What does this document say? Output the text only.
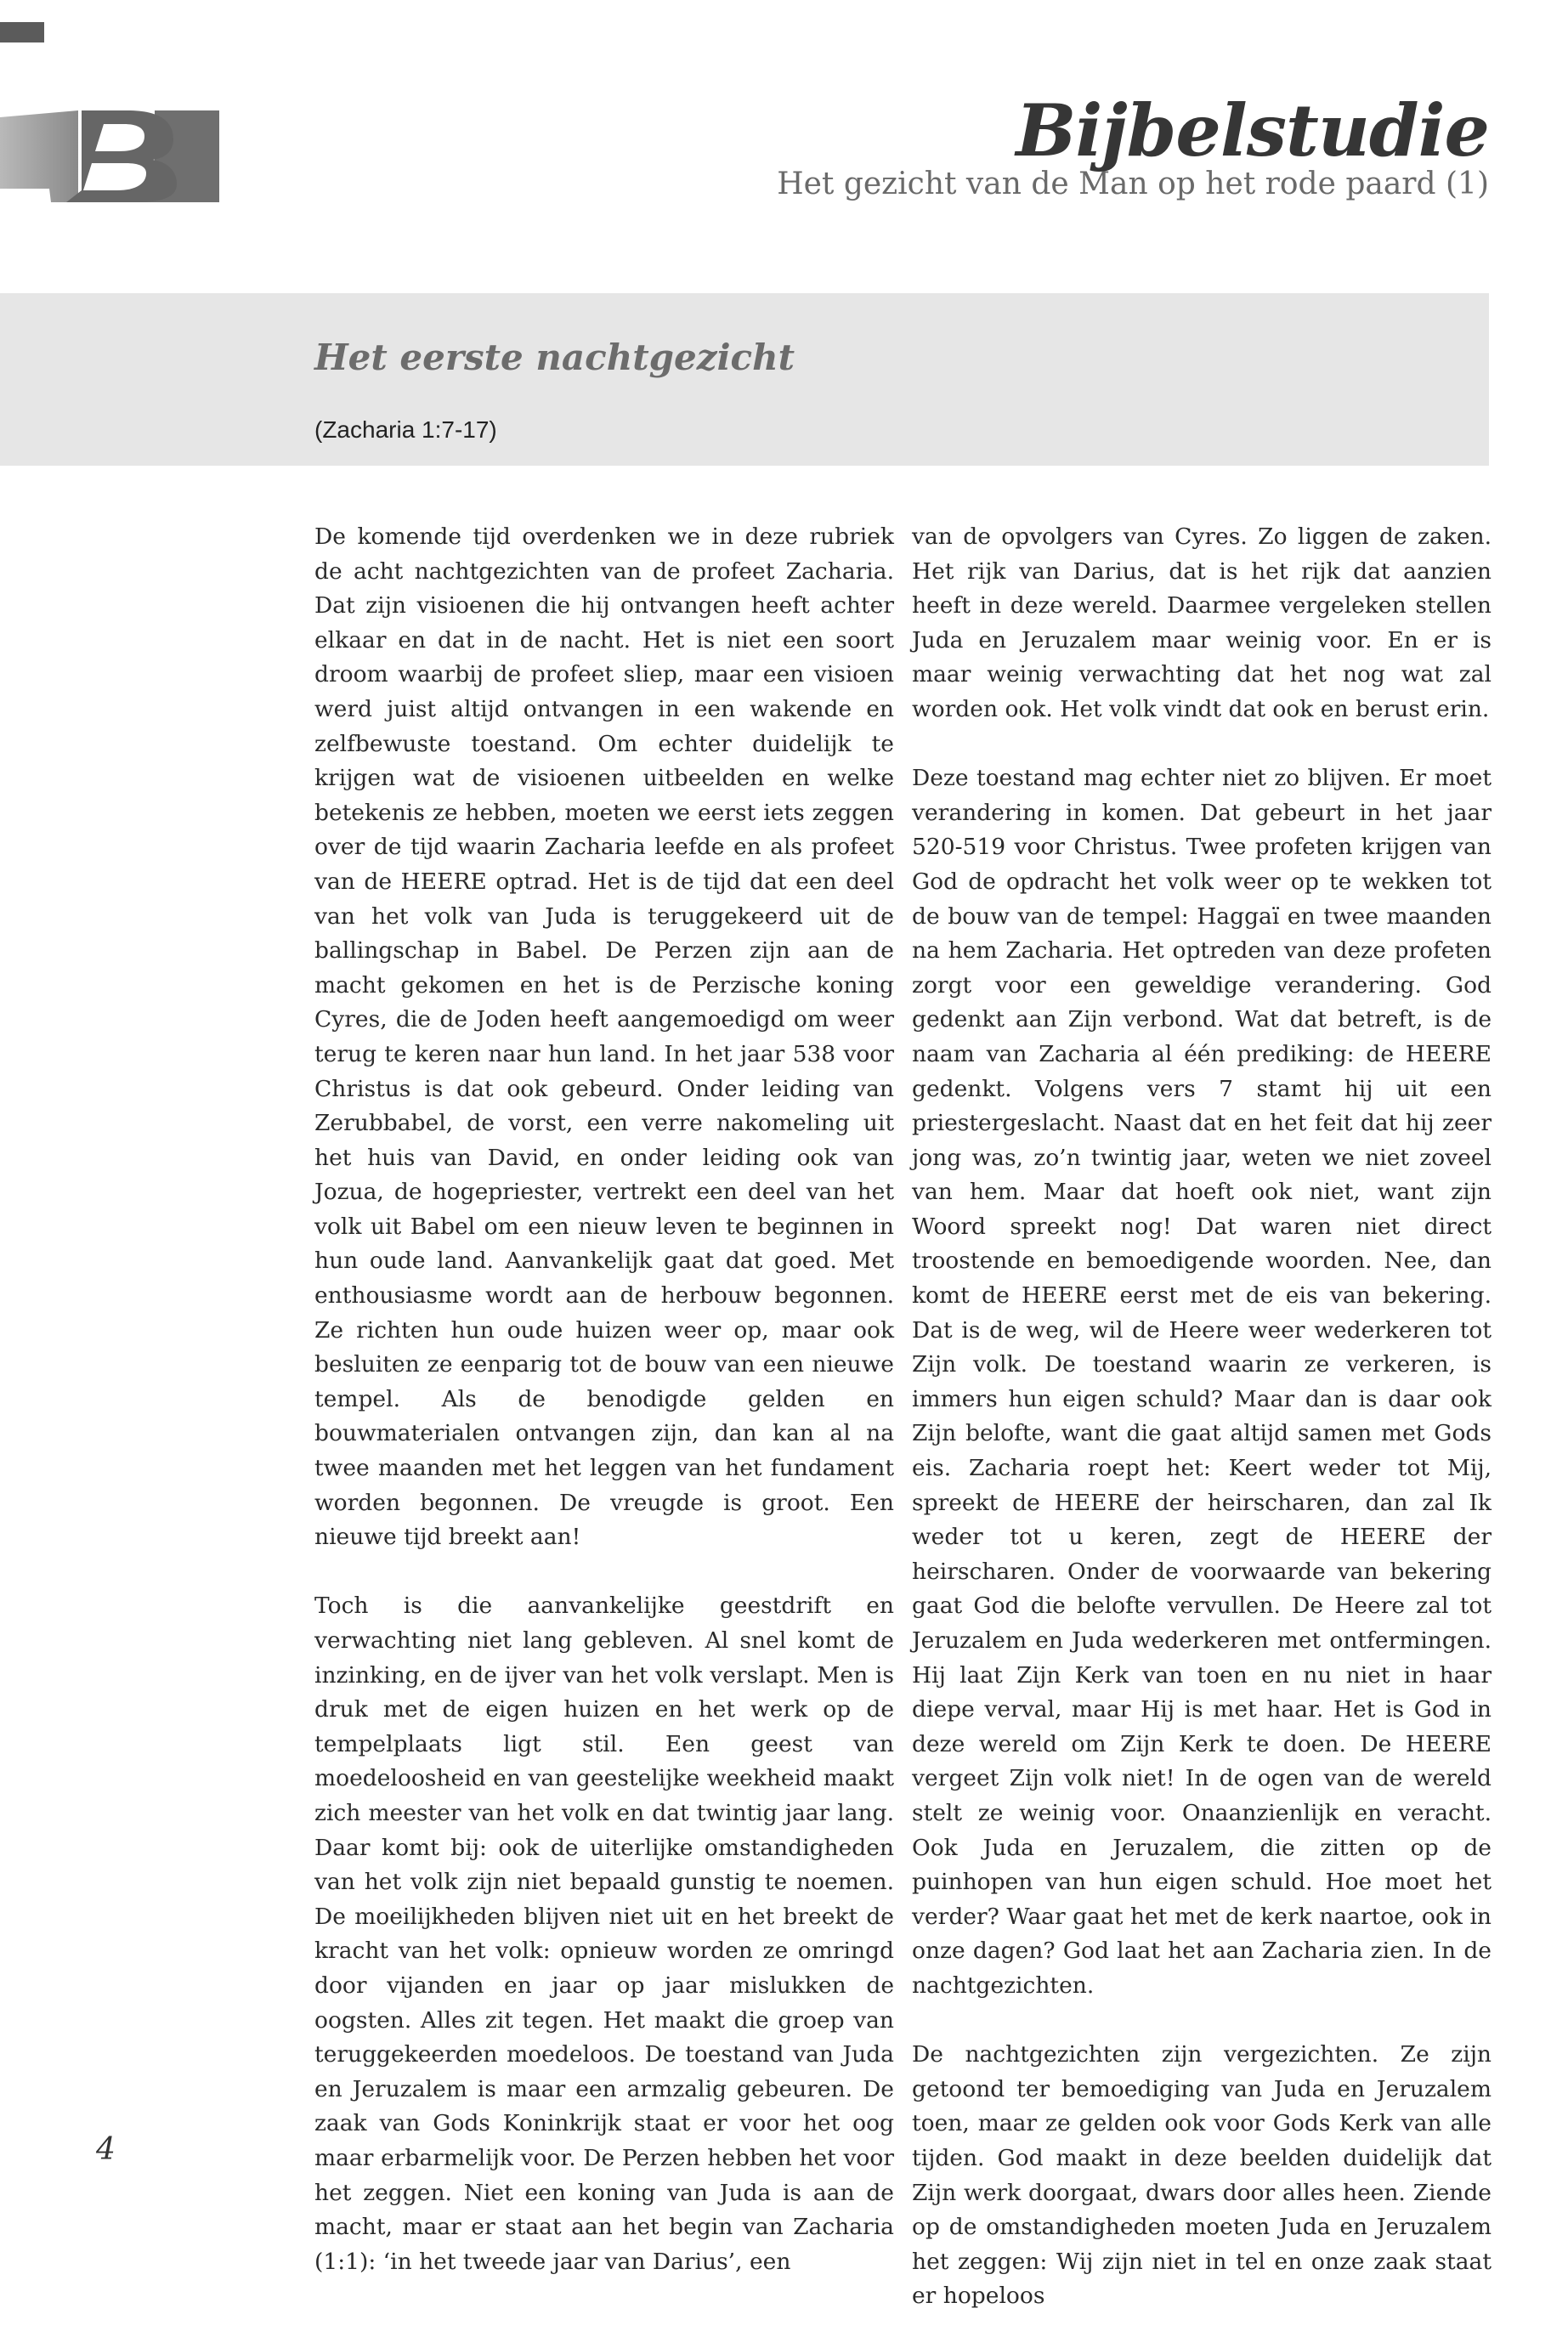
Bijbelstudie
Het gezicht van de Man op het rode paard (1)
Het eerste nachtgezicht
(Zacharia 1:7-17)

De komende tijd overdenken we in deze rubriek de acht nachtgezichten van de profeet Zacharia. Dat zijn visioenen die hij ontvangen heeft achter elkaar en dat in de nacht. Het is niet een soort droom waarbij de profeet sliep, maar een visioen werd juist altijd ontvangen in een wakende en zelfbewuste toestand. Om echter duidelijk te krijgen wat de visioenen uitbeelden en welke betekenis ze hebben, moeten we eerst iets zeggen over de tijd waarin Zacharia leefde en als profeet van de HEERE optrad. Het is de tijd dat een deel van het volk van Juda is teruggekeerd uit de ballingschap in Babel. De Perzen zijn aan de macht gekomen en het is de Perzische koning Cyres, die de Joden heeft aangemoedigd om weer terug te keren naar hun land. In het jaar 538 voor Christus is dat ook gebeurd. Onder leiding van Zerubbabel, de vorst, een verre nakomeling uit het huis van David, en onder leiding ook van Jozua, de hogepriester, vertrekt een deel van het volk uit Babel om een nieuw leven te beginnen in hun oude land. Aanvankelijk gaat dat goed. Met enthousiasme wordt aan de herbouw begonnen. Ze richten hun oude huizen weer op, maar ook besluiten ze eenparig tot de bouw van een nieuwe tempel. Als de benodigde gelden en bouwmaterialen ontvangen zijn, dan kan al na twee maanden met het leggen van het fundament worden begonnen. De vreugde is groot. Een nieuwe tijd breekt aan!

Toch is die aanvankelijke geestdrift en verwachting niet lang gebleven. Al snel komt de inzinking, en de ijver van het volk verslapt. Men is druk met de eigen huizen en het werk op de tempelplaats ligt stil. Een geest van moedeloosheid en van geestelijke weekheid maakt zich meester van het volk en dat twintig jaar lang. Daar komt bij: ook de uiterlijke omstandigheden van het volk zijn niet bepaald gunstig te noemen. De moeilijkheden blijven niet uit en het breekt de kracht van het volk: opnieuw worden ze omringd door vijanden en jaar op jaar mislukken de oogsten. Alles zit tegen. Het maakt die groep van teruggekeerden moedeloos. De toestand van Juda en Jeruzalem is maar een armzalig gebeuren. De zaak van Gods Koninkrijk staat er voor het oog maar erbarmelijk voor. De Perzen hebben het voor het zeggen. Niet een koning van Juda is aan de macht, maar er staat aan het begin van Zacharia (1:1): ‘in het tweede jaar van Darius’, een

van de opvolgers van Cyres. Zo liggen de zaken. Het rijk van Darius, dat is het rijk dat aanzien heeft in deze wereld. Daarmee vergeleken stellen Juda en Jeruzalem maar weinig voor. En er is maar weinig verwachting dat het nog wat zal worden ook. Het volk vindt dat ook en berust erin.

Deze toestand mag echter niet zo blijven. Er moet verandering in komen. Dat gebeurt in het jaar 520-519 voor Christus. Twee profeten krijgen van God de opdracht het volk weer op te wekken tot de bouw van de tempel: Haggaï en twee maanden na hem Zacharia. Het optreden van deze profeten zorgt voor een geweldige verandering. God gedenkt aan Zijn verbond. Wat dat betreft, is de naam van Zacharia al één prediking: de HEERE gedenkt. Volgens vers 7 stamt hij uit een priestergeslacht. Naast dat en het feit dat hij zeer jong was, zo’n twintig jaar, weten we niet zoveel van hem. Maar dat hoeft ook niet, want zijn Woord spreekt nog! Dat waren niet direct troostende en bemoedigende woorden. Nee, dan komt de HEERE eerst met de eis van bekering. Dat is de weg, wil de Heere weer wederkeren tot Zijn volk. De toestand waarin ze verkeren, is immers hun eigen schuld? Maar dan is daar ook Zijn belofte, want die gaat altijd samen met Gods eis. Zacharia roept het: Keert weder tot Mij, spreekt de HEERE der heirscharen, dan zal Ik weder tot u keren, zegt de HEERE der heirscharen. Onder de voorwaarde van bekering gaat God die belofte vervullen. De Heere zal tot Jeruzalem en Juda wederkeren met ontfermingen. Hij laat Zijn Kerk van toen en nu niet in haar diepe verval, maar Hij is met haar. Het is God in deze wereld om Zijn Kerk te doen. De HEERE vergeet Zijn volk niet! In de ogen van de wereld stelt ze weinig voor. Onaanzienlijk en veracht. Ook Juda en Jeruzalem, die zitten op de puinhopen van hun eigen schuld. Hoe moet het verder? Waar gaat het met de kerk naartoe, ook in onze dagen? God laat het aan Zacharia zien. In de nachtgezichten.

De nachtgezichten zijn vergezichten. Ze zijn getoond ter bemoediging van Juda en Jeruzalem toen, maar ze gelden ook voor Gods Kerk van alle tijden. God maakt in deze beelden duidelijk dat Zijn werk doorgaat, dwars door alles heen. Ziende op de omstandigheden moeten Juda en Jeruzalem het zeggen: Wij zijn niet in tel en onze zaak staat er hopeloos

4
